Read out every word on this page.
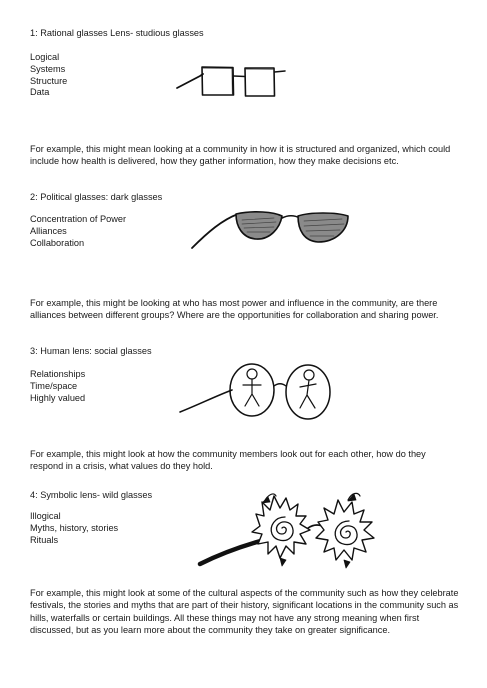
1: Rational glasses Lens- studious glasses
Logical
Systems
Structure
Data
For example, this might mean looking at a community in how it is structured and organized, which could include how health is delivered, how they gather information, how they make decisions etc.
2: Political glasses: dark glasses
Concentration of Power
Alliances
Collaboration
For example, this might be looking at who has most power and influence in the community, are there alliances between different groups? Where are the opportunities for collaboration and sharing power.
3: Human lens: social glasses
Relationships
Time/space
Highly valued
For example, this might look at how the community members look out for each other, how do they respond in a crisis, what values do they hold.
4: Symbolic lens- wild glasses
Illogical
Myths, history, stories
Rituals
For example, this might look at some of the cultural aspects of the community such as how they celebrate festivals, the stories and myths that are part of their history, significant locations in the community such as hills, waterfalls or certain buildings. All these things may not have any strong meaning when first discussed, but as you learn more about the community they take on greater significance.
